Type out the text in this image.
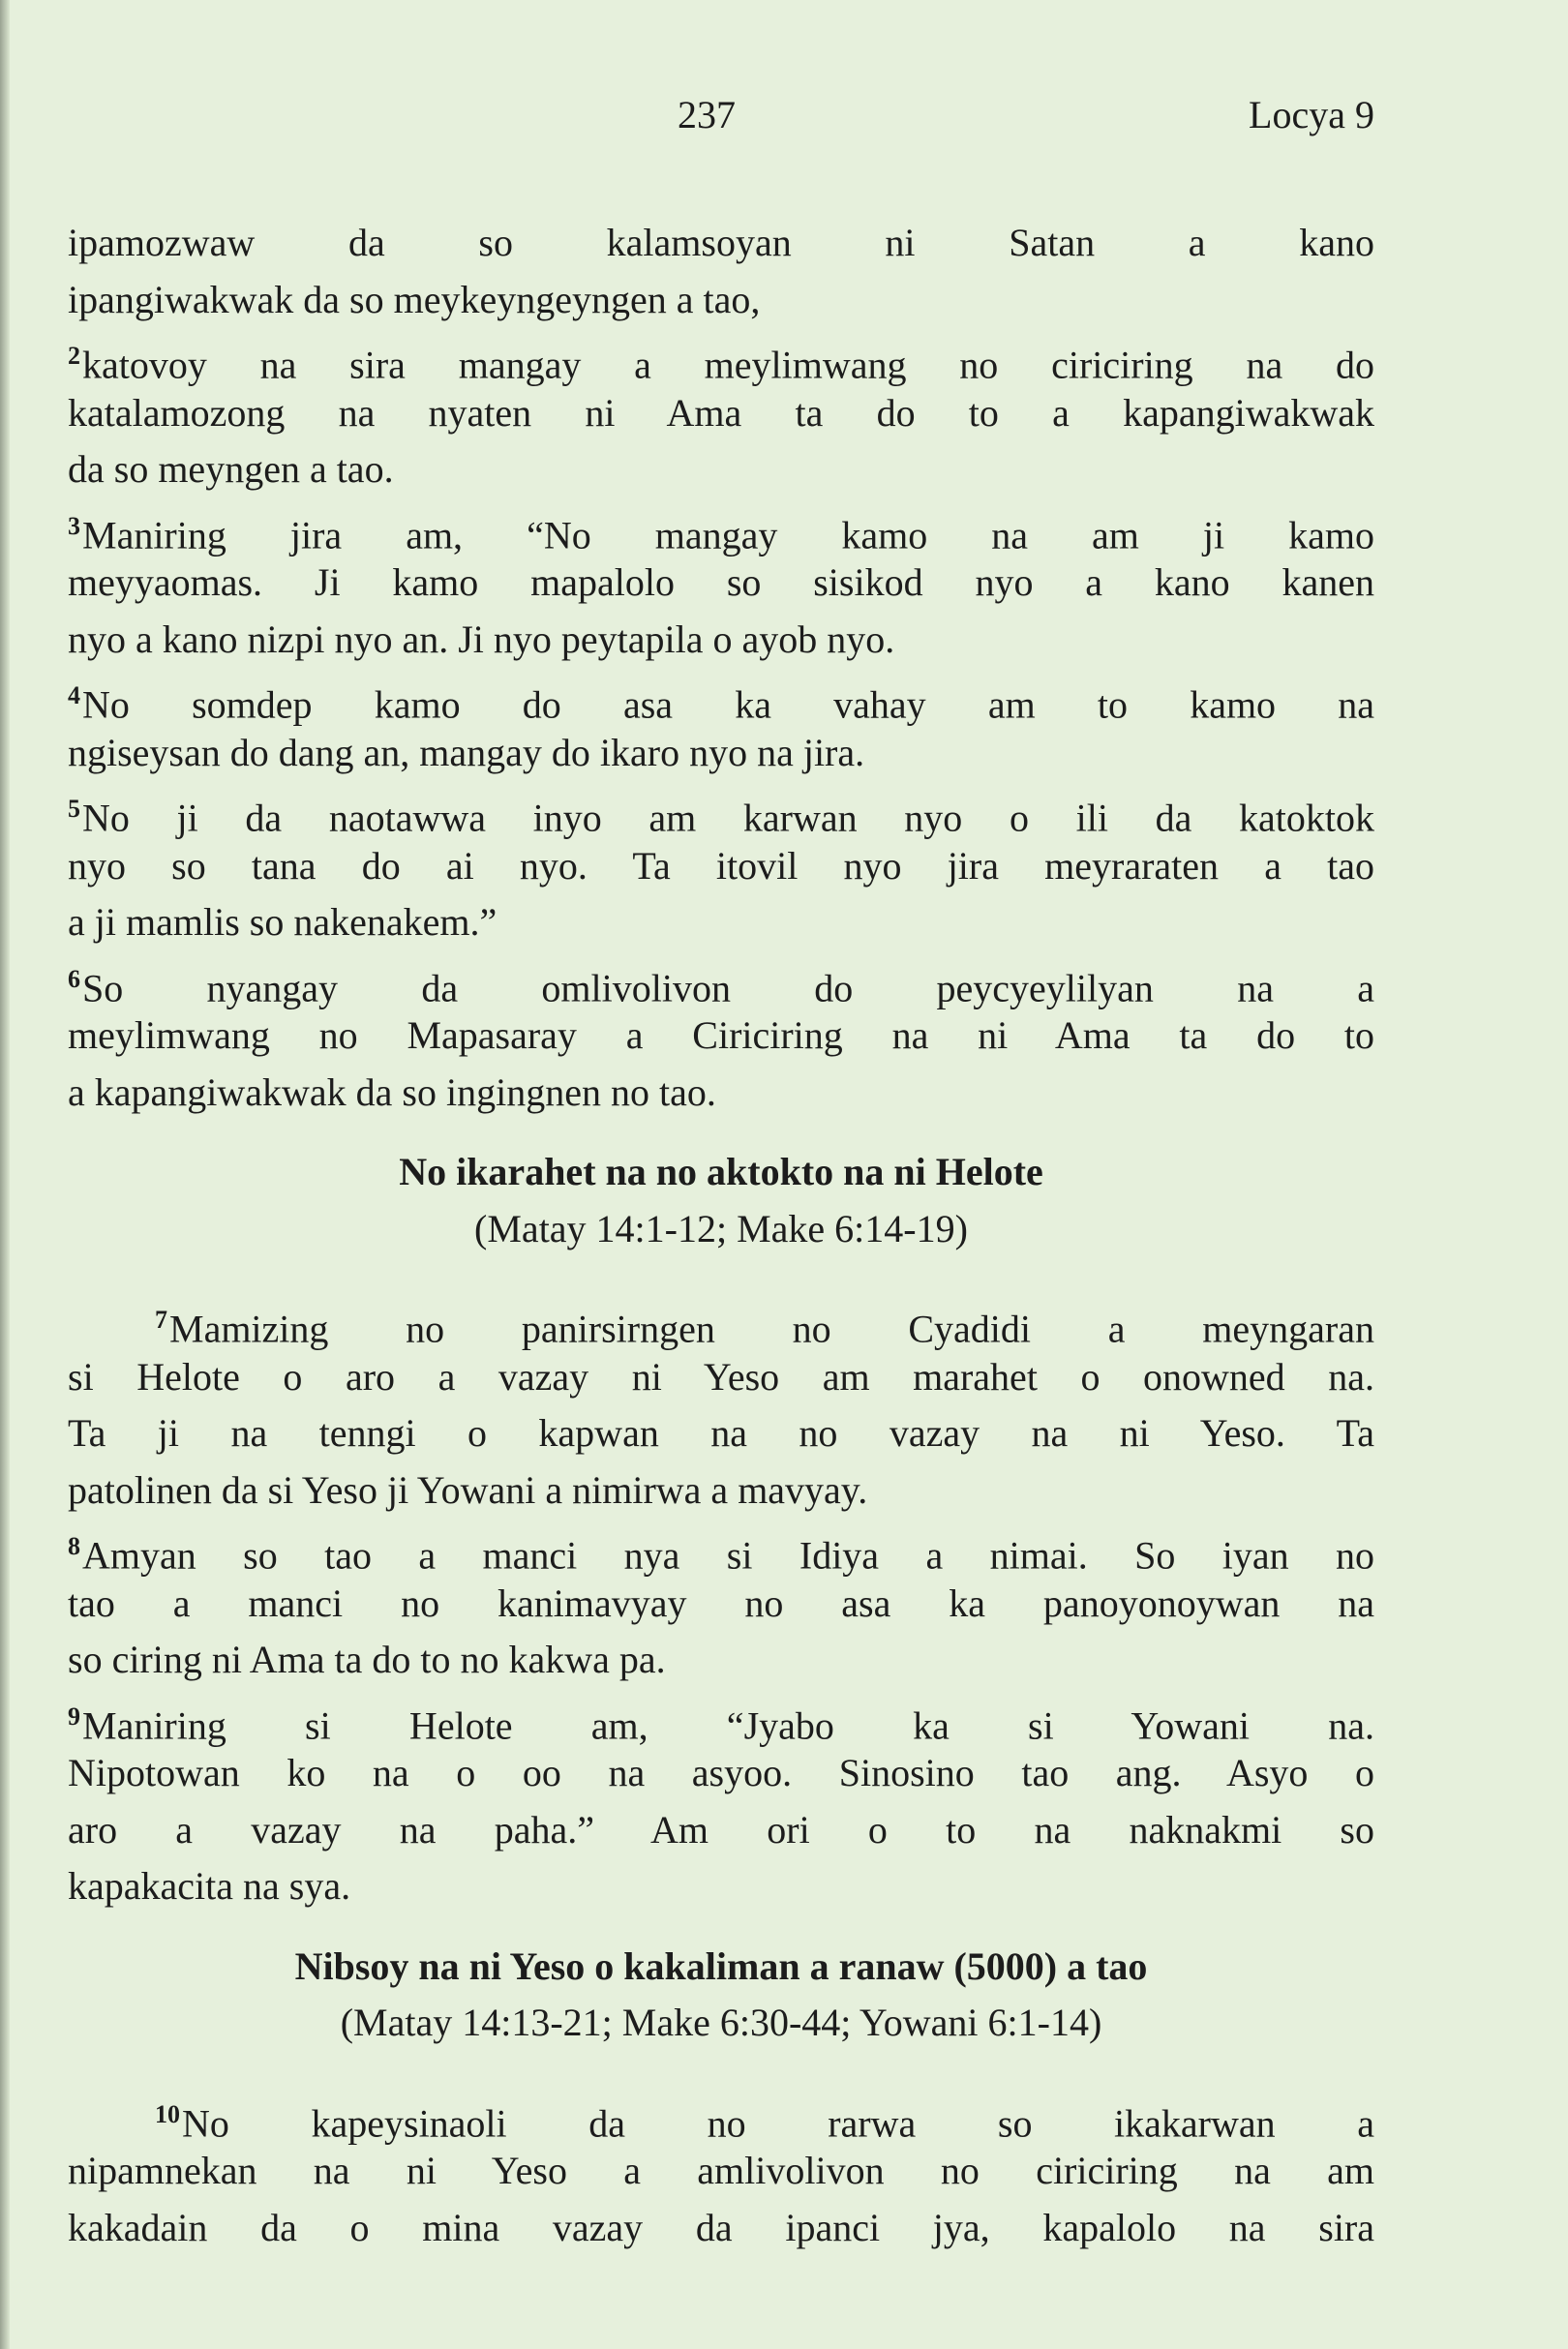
237	Locya 9
ipamozwaw da so kalamsoyan ni Satan a kano
ipangiwakwak da so meykeyngeyngen a tao,
$^2$katovoy na sira mangay a meylimwang no ciriciring na do
katalamozong na nyaten ni Ama ta do to a kapangiwakwak
da so meyngen a tao.
$^3$Maniring jira am, “No mangay kamo na am ji kamo
meyyaomas. Ji kamo mapalolo so sisikod nyo a kano kanen
nyo a kano nizpi nyo an. Ji nyo peytapila o ayob nyo.
$^4$No somdep kamo do asa ka vahay am to kamo na
ngiseysan do dang an, mangay do ikaro nyo na jira.
$^5$No ji da naotawwa inyo am karwan nyo o ili da katoktok
nyo so tana do ai nyo. Ta itovil nyo jira meyraraten a tao
a ji mamlis so nakenakem.”
$^6$So nyangay da omlivolivon do peycyeylilyan na a
meylimwang no Mapasaray a Ciriciring na ni Ama ta do to
a kapangiwakwak da so ingingnen no tao.
No ikarahet na no aktokto na ni Helote
(Matay 14:1-12; Make 6:14-19)
$^7$Mamizing no panirsirngen no Cyadidi a meyngaran
si Helote o aro a vazay ni Yeso am marahet o onowned na.
Ta ji na tenngi o kapwan na no vazay na ni Yeso. Ta
patolinen da si Yeso ji Yowani a nimirwa a mavyay.
$^8$Amyan so tao a manci nya si Idiya a nimai. So iyan no
tao a manci no kanimavyay no asa ka panoyonoywan na
so ciring ni Ama ta do to no kakwa pa.
$^9$Maniring si Helote am, “Jyabo ka si Yowani na.
Nipotowan ko na o oo na asyoo. Sinosino tao ang. Asyo o
aro a vazay na paha.” Am ori o to na naknakmi so
kapakacita na sya.
Nibsoy na ni Yeso o kakaliman a ranaw (5000) a tao
(Matay 14:13-21; Make 6:30-44; Yowani 6:1-14)
$^{10}$No kapeysinaoli da no rarwa so ikakarwan a
nipamnekan na ni Yeso a amlivolivon no ciriciring na am
kakadain da o mina vazay da ipanci jya, kapalolo na sira
